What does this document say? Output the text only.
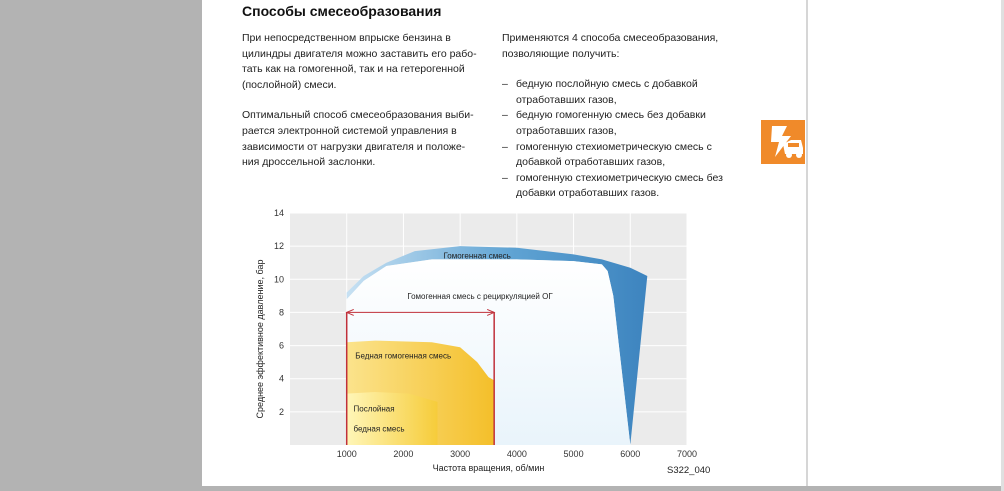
Способы смесеобразования

При непосредственном впрыске бензина в
цилиндры двигателя можно заставить его рабо-
тать как на гомогенной, так и на гетерогенной
(послойной) смеси.

Оптимальный способ смесеобразования выби-
рается электронной системой управления в
зависимости от нагрузки двигателя и положе-
ния дроссельной заслонки.

Применяются 4 способа смесеобразования,
позволяющие получить:
– бедную послойную смесь с добавкой
отработавших газов,
– бедную гомогенную смесь без добавки
отработавших газов,
– гомогенную стехиометрическую смесь с
добавкой отработавших газов,
– гомогенную стехиометрическую смесь без
добавки отработавших газов.
1000	2000	3000	4000	5000	6000	7000
2
4
6
8
10
12
14
Частота вращения, об/мин
Среднее эффективное давление, бар
Гомогенная смесь
Гомогенная смесь с рециркуляцией ОГ
Бедная гомогенная смесь
Послойная
бедная смесь
S322_040
